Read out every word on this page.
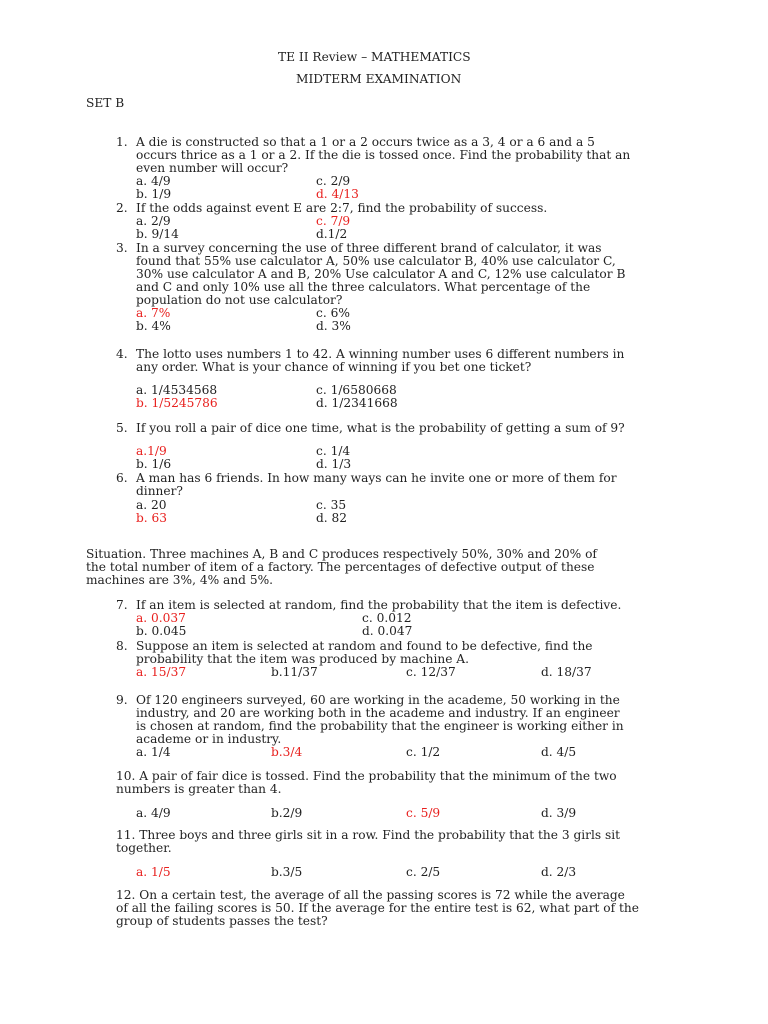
TE II Review – MATHEMATICS
MIDTERM EXAMINATION
SET B
1. A die is constructed so that a 1 or a 2 occurs twice as a 3, 4 or a 6 and a 5
occurs thrice as a 1 or a 2. If the die is tossed once. Find the probability that an
even number will occur?
a. 4/9	c. 2/9
b. 1/9	d. 4/13
2. If the odds against event E are 2:7, find the probability of success.
a. 2/9	c. 7/9
b. 9/14	d.1/2
3. In a survey concerning the use of three different brand of calculator, it was
found that 55% use calculator A, 50% use calculator B, 40% use calculator C,
30% use calculator A and B, 20% Use calculator A and C, 12% use calculator B
and C and only 10% use all the three calculators. What percentage of the
population do not use calculator?
a. 7%	c. 6%
b. 4%	d. 3%
4. The lotto uses numbers 1 to 42. A winning number uses 6 different numbers in
any order. What is your chance of winning if you bet one ticket?
a. 1/4534568	c. 1/6580668
b. 1/5245786	d. 1/2341668
5. If you roll a pair of dice one time, what is the probability of getting a sum of 9?
a.1/9	c. 1/4
b. 1/6	d. 1/3
6. A man has 6 friends. In how many ways can he invite one or more of them for
dinner?
a. 20	c. 35
b. 63	d. 82
Situation. Three machines A, B and C produces respectively 50%, 30% and 20% of
the total number of item of a factory. The percentages of defective output of these
machines are 3%, 4% and 5%.
7. If an item is selected at random, find the probability that the item is defective.
a. 0.037	c. 0.012
b. 0.045	d. 0.047
8. Suppose an item is selected at random and found to be defective, find the
probability that the item was produced by machine A.
a. 15/37	b.11/37	c. 12/37	d. 18/37
9. Of 120 engineers surveyed, 60 are working in the academe, 50 working in the
industry, and 20 are working both in the academe and industry. If an engineer
is chosen at random, find the probability that the engineer is working either in
academe or in industry.
a. 1/4	b.3/4	c. 1/2	d. 4/5
10. A pair of fair dice is tossed. Find the probability that the minimum of the two
numbers is greater than 4.
a. 4/9	b.2/9	c. 5/9	d. 3/9
11. Three boys and three girls sit in a row. Find the probability that the 3 girls sit
together.
a. 1/5	b.3/5	c. 2/5	d. 2/3
12. On a certain test, the average of all the passing scores is 72 while the average
of all the failing scores is 50. If the average for the entire test is 62, what part of the
group of students passes the test?
